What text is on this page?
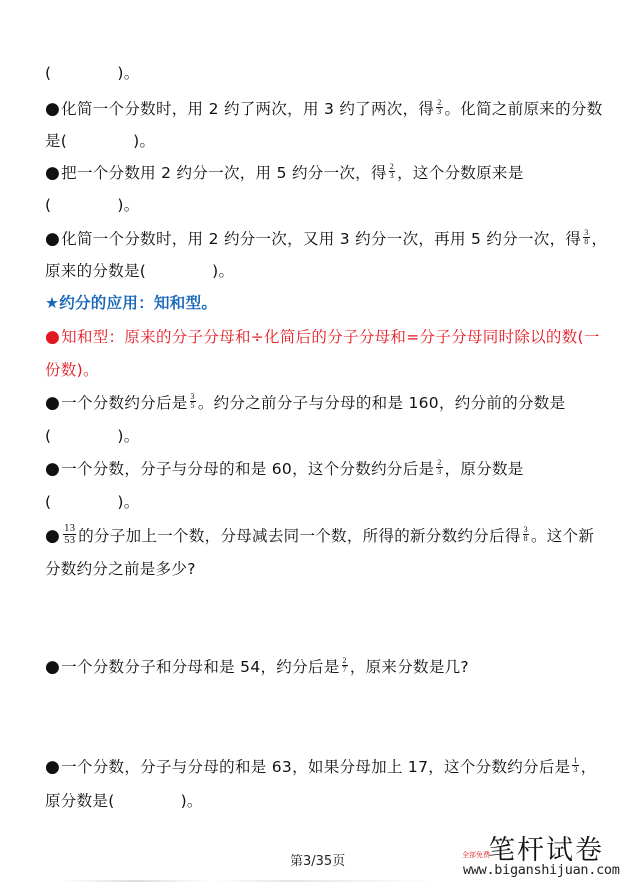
(	)。
●化简一个分数时，用 2 约了两次，用 3 约了两次，得 $\frac{2}{3}$ 。化简之前原来的分数
是(	)。
●把一个分数用 2 约分一次，用 5 约分一次，得 $\frac{2}{3}$ ，这个分数原来是
(	)。
●化简一个分数时，用 2 约分一次，又用 3 约分一次，再用 5 约分一次，得 $\frac{3}{8}$ ，
原来的分数是(	)。
★约分的应用：知和型。
●知和型：原来的分子分母和÷化简后的分子分母和=分子分母同时除以的数(一
份数)。
●一个分数约分后是 $\frac{3}{5}$ 。约分之前分子与分母的和是 160，约分前的分数是
(	)。
●一个分数，分子与分母的和是 60，这个分数约分后是 $\frac{2}{3}$ ，原分数是
(	)。
● $\frac{13}{53}$ 的分子加上一个数，分母减去同一个数，所得的新分数约分后得 $\frac{3}{8}$ 。这个新
分数约分之前是多少?
●一个分数分子和分母和是 54，约分后是 $\frac{2}{7}$ ，原来分数是几?
●一个分数，分子与分母的和是 63，如果分母加上 17，这个分数约分后是 $\frac{1}{3}$ ，
原分数是(	)。
第3/35页	笔杆试卷
全部免费
www.biganshijuan.com
